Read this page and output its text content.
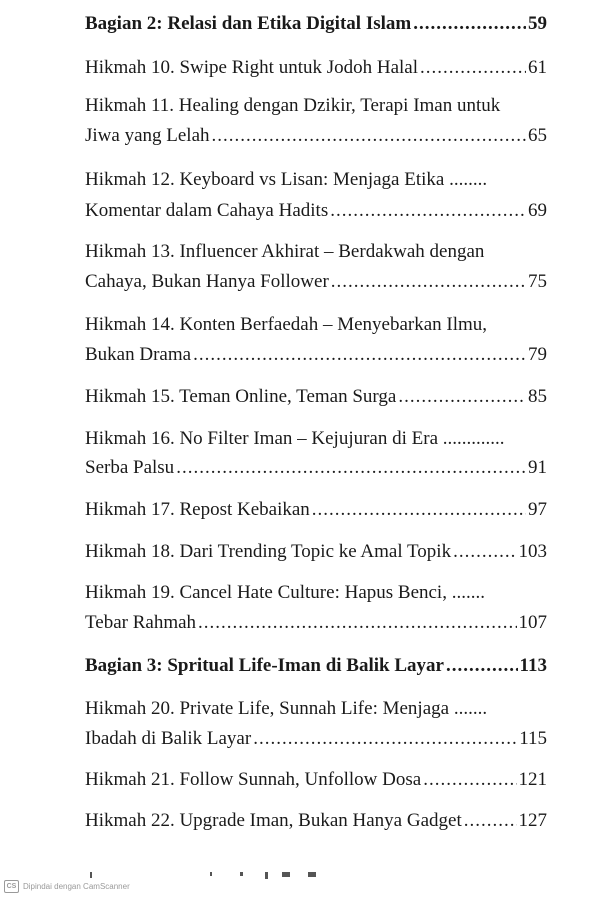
Bagian 2: Relasi dan Etika Digital Islam .....	59
Hikmah 10. Swipe Right untuk Jodoh Halal .....	61
Hikmah 11. Healing dengan Dzikir, Terapi Iman untuk
Jiwa yang Lelah .....	65
Hikmah 12. Keyboard vs Lisan: Menjaga Etika ........
Komentar dalam Cahaya Hadits .....	69
Hikmah 13. Influencer Akhirat – Berdakwah dengan
Cahaya, Bukan Hanya Follower .....	75
Hikmah 14. Konten Berfaedah – Menyebarkan Ilmu,
Bukan Drama .....	79
Hikmah 15. Teman Online, Teman Surga .....	85
Hikmah 16. No Filter Iman – Kejujuran di Era .............
Serba Palsu .....	91
Hikmah 17. Repost Kebaikan .....	97
Hikmah 18. Dari Trending Topic ke Amal Topik .....	103
Hikmah 19. Cancel Hate Culture: Hapus Benci, .......
Tebar Rahmah .....	107
Bagian 3: Spritual Life-Iman di Balik Layar .....	113
Hikmah 20. Private Life, Sunnah Life: Menjaga .......
Ibadah di Balik Layar .....	115
Hikmah 21. Follow Sunnah, Unfollow Dosa .....	121
Hikmah 22. Upgrade Iman, Bukan Hanya Gadget .....	127
CS Dipindai dengan CamScanner
